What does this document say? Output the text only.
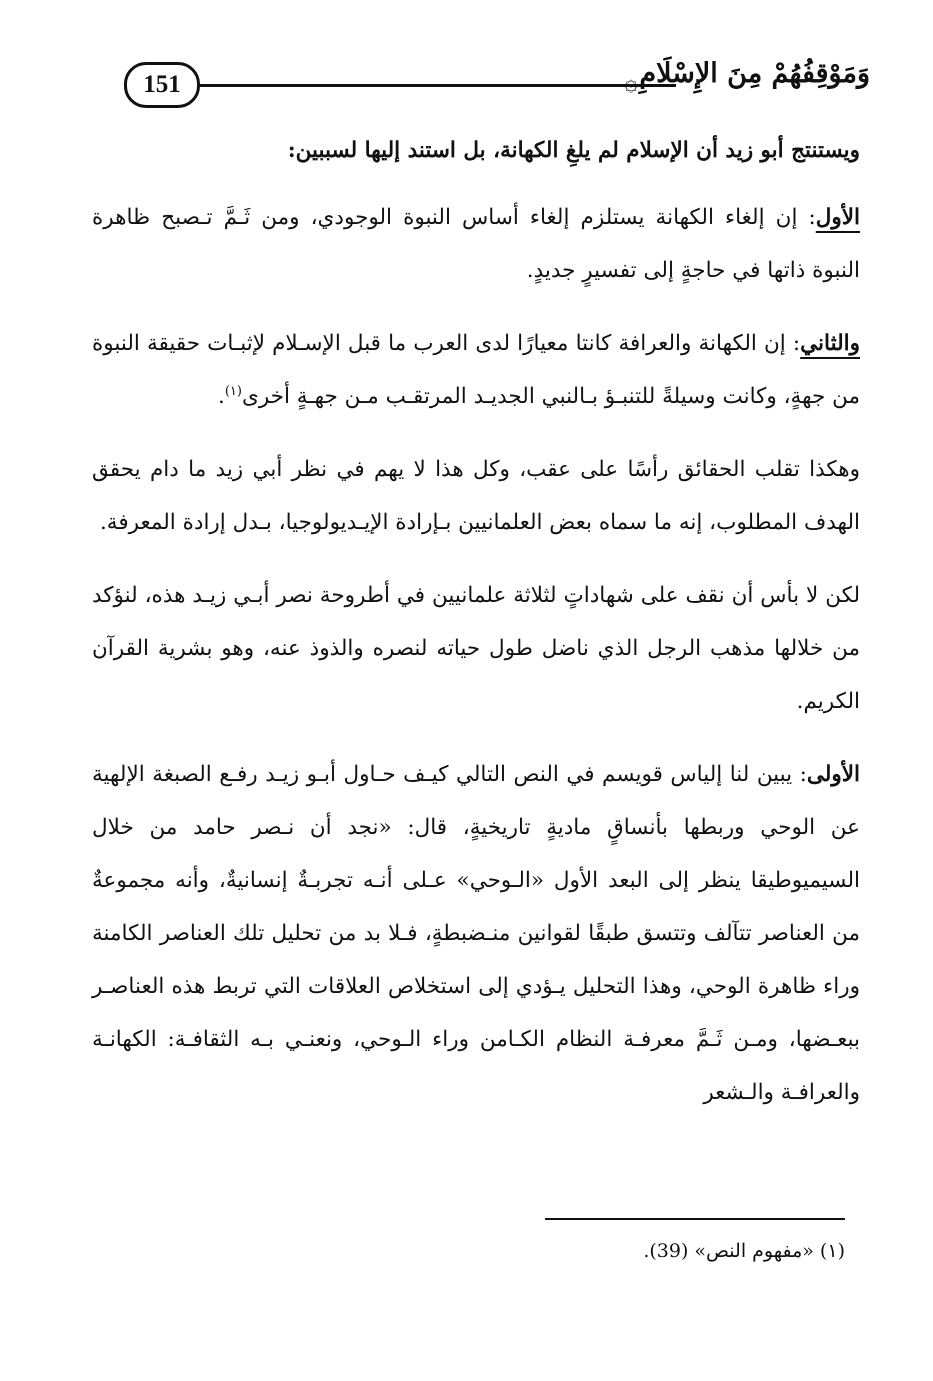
151	۞ وَمَوْقِفُهُمْ مِنَ الإِسْلَامِ

ويستنتج أبو زيد أن الإسلام لم يلغِ الكهانة، بل استند إليها لسببين:

الأول: إن إلغاء الكهانة يستلزم إلغاء أساس النبوة الوجودي، ومن ثَـمَّ تـصبح ظاهرة النبوة ذاتها في حاجةٍ إلى تفسيرٍ جديدٍ.

والثاني: إن الكهانة والعرافة كانتا معيارًا لدى العرب ما قبل الإسـلام لإثبـات حقيقة النبوة من جهةٍ، وكانت وسيلةً للتنبـؤ بـالنبي الجديـد المرتقـب مـن جهـةٍ أخرى$^{(١)}$.

وهكذا تقلب الحقائق رأسًا على عقب، وكل هذا لا يهم في نظر أبي زيد ما دام يحقق الهدف المطلوب، إنه ما سماه بعض العلمانيين بـإرادة الإيـديولوجيا، بـدل إرادة المعرفة.

لكن لا بأس أن نقف على شهاداتٍ لثلاثة علمانيين في أطروحة نصر أبـي زيـد هذه، لنؤكد من خلالها مذهب الرجل الذي ناضل طول حياته لنصره والذوذ عنه، وهو بشرية القرآن الكريم.

الأولى: يبين لنا إلياس قويسم في النص التالي كيـف حـاول أبـو زيـد رفـع الصبغة الإلهية عن الوحي وربطها بأنساقٍ ماديةٍ تاريخيةٍ، قال: «نجد أن نـصر حامد من خلال السيميوطيقا ينظر إلى البعد الأول «الـوحي» عـلى أنـه تجربـةٌ إنسانيةٌ، وأنه مجموعةٌ من العناصر تتآلف وتتسق طبقًا لقوانين منـضبطةٍ، فـلا بد من تحليل تلك العناصر الكامنة وراء ظاهرة الوحي، وهذا التحليل يـؤدي إلى استخلاص العلاقات التي تربط هذه العناصـر ببعـضها، ومـن ثَـمَّ معرفـة النظام الكـامن وراء الـوحي، ونعنـي بـه الثقافـة: الكهانـة والعرافـة والـشعر

(١) «مفهوم النص» (39).
